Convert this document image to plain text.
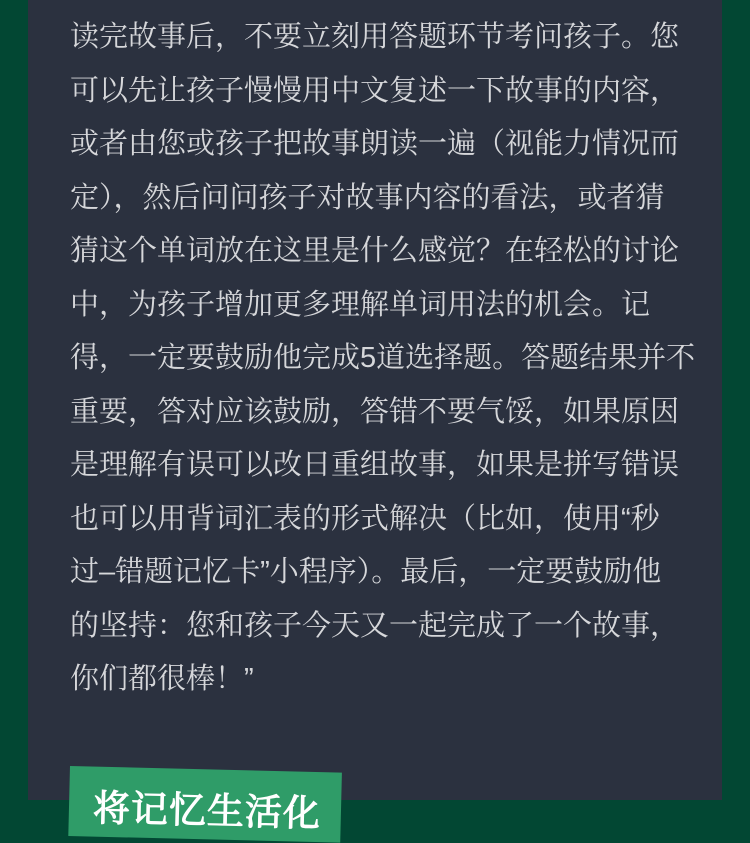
读完故事后，不要立刻用答题环节考问孩子。您
可以先让孩子慢慢用中文复述一下故事的内容，
或者由您或孩子把故事朗读一遍（视能力情况而
定），然后问问孩子对故事内容的看法，或者猜
猜这个单词放在这里是什么感觉？在轻松的讨论
中，为孩子增加更多理解单词用法的机会。记
得，一定要鼓励他完成5道选择题。答题结果并不
重要，答对应该鼓励，答错不要气馁，如果原因
是理解有误可以改日重组故事，如果是拼写错误
也可以用背词汇表的形式解决（比如，使用“秒
过–错题记忆卡”小程序）。最后，一定要鼓励他
的坚持：您和孩子今天又一起完成了一个故事，
你们都很棒！”
将记忆生活化
